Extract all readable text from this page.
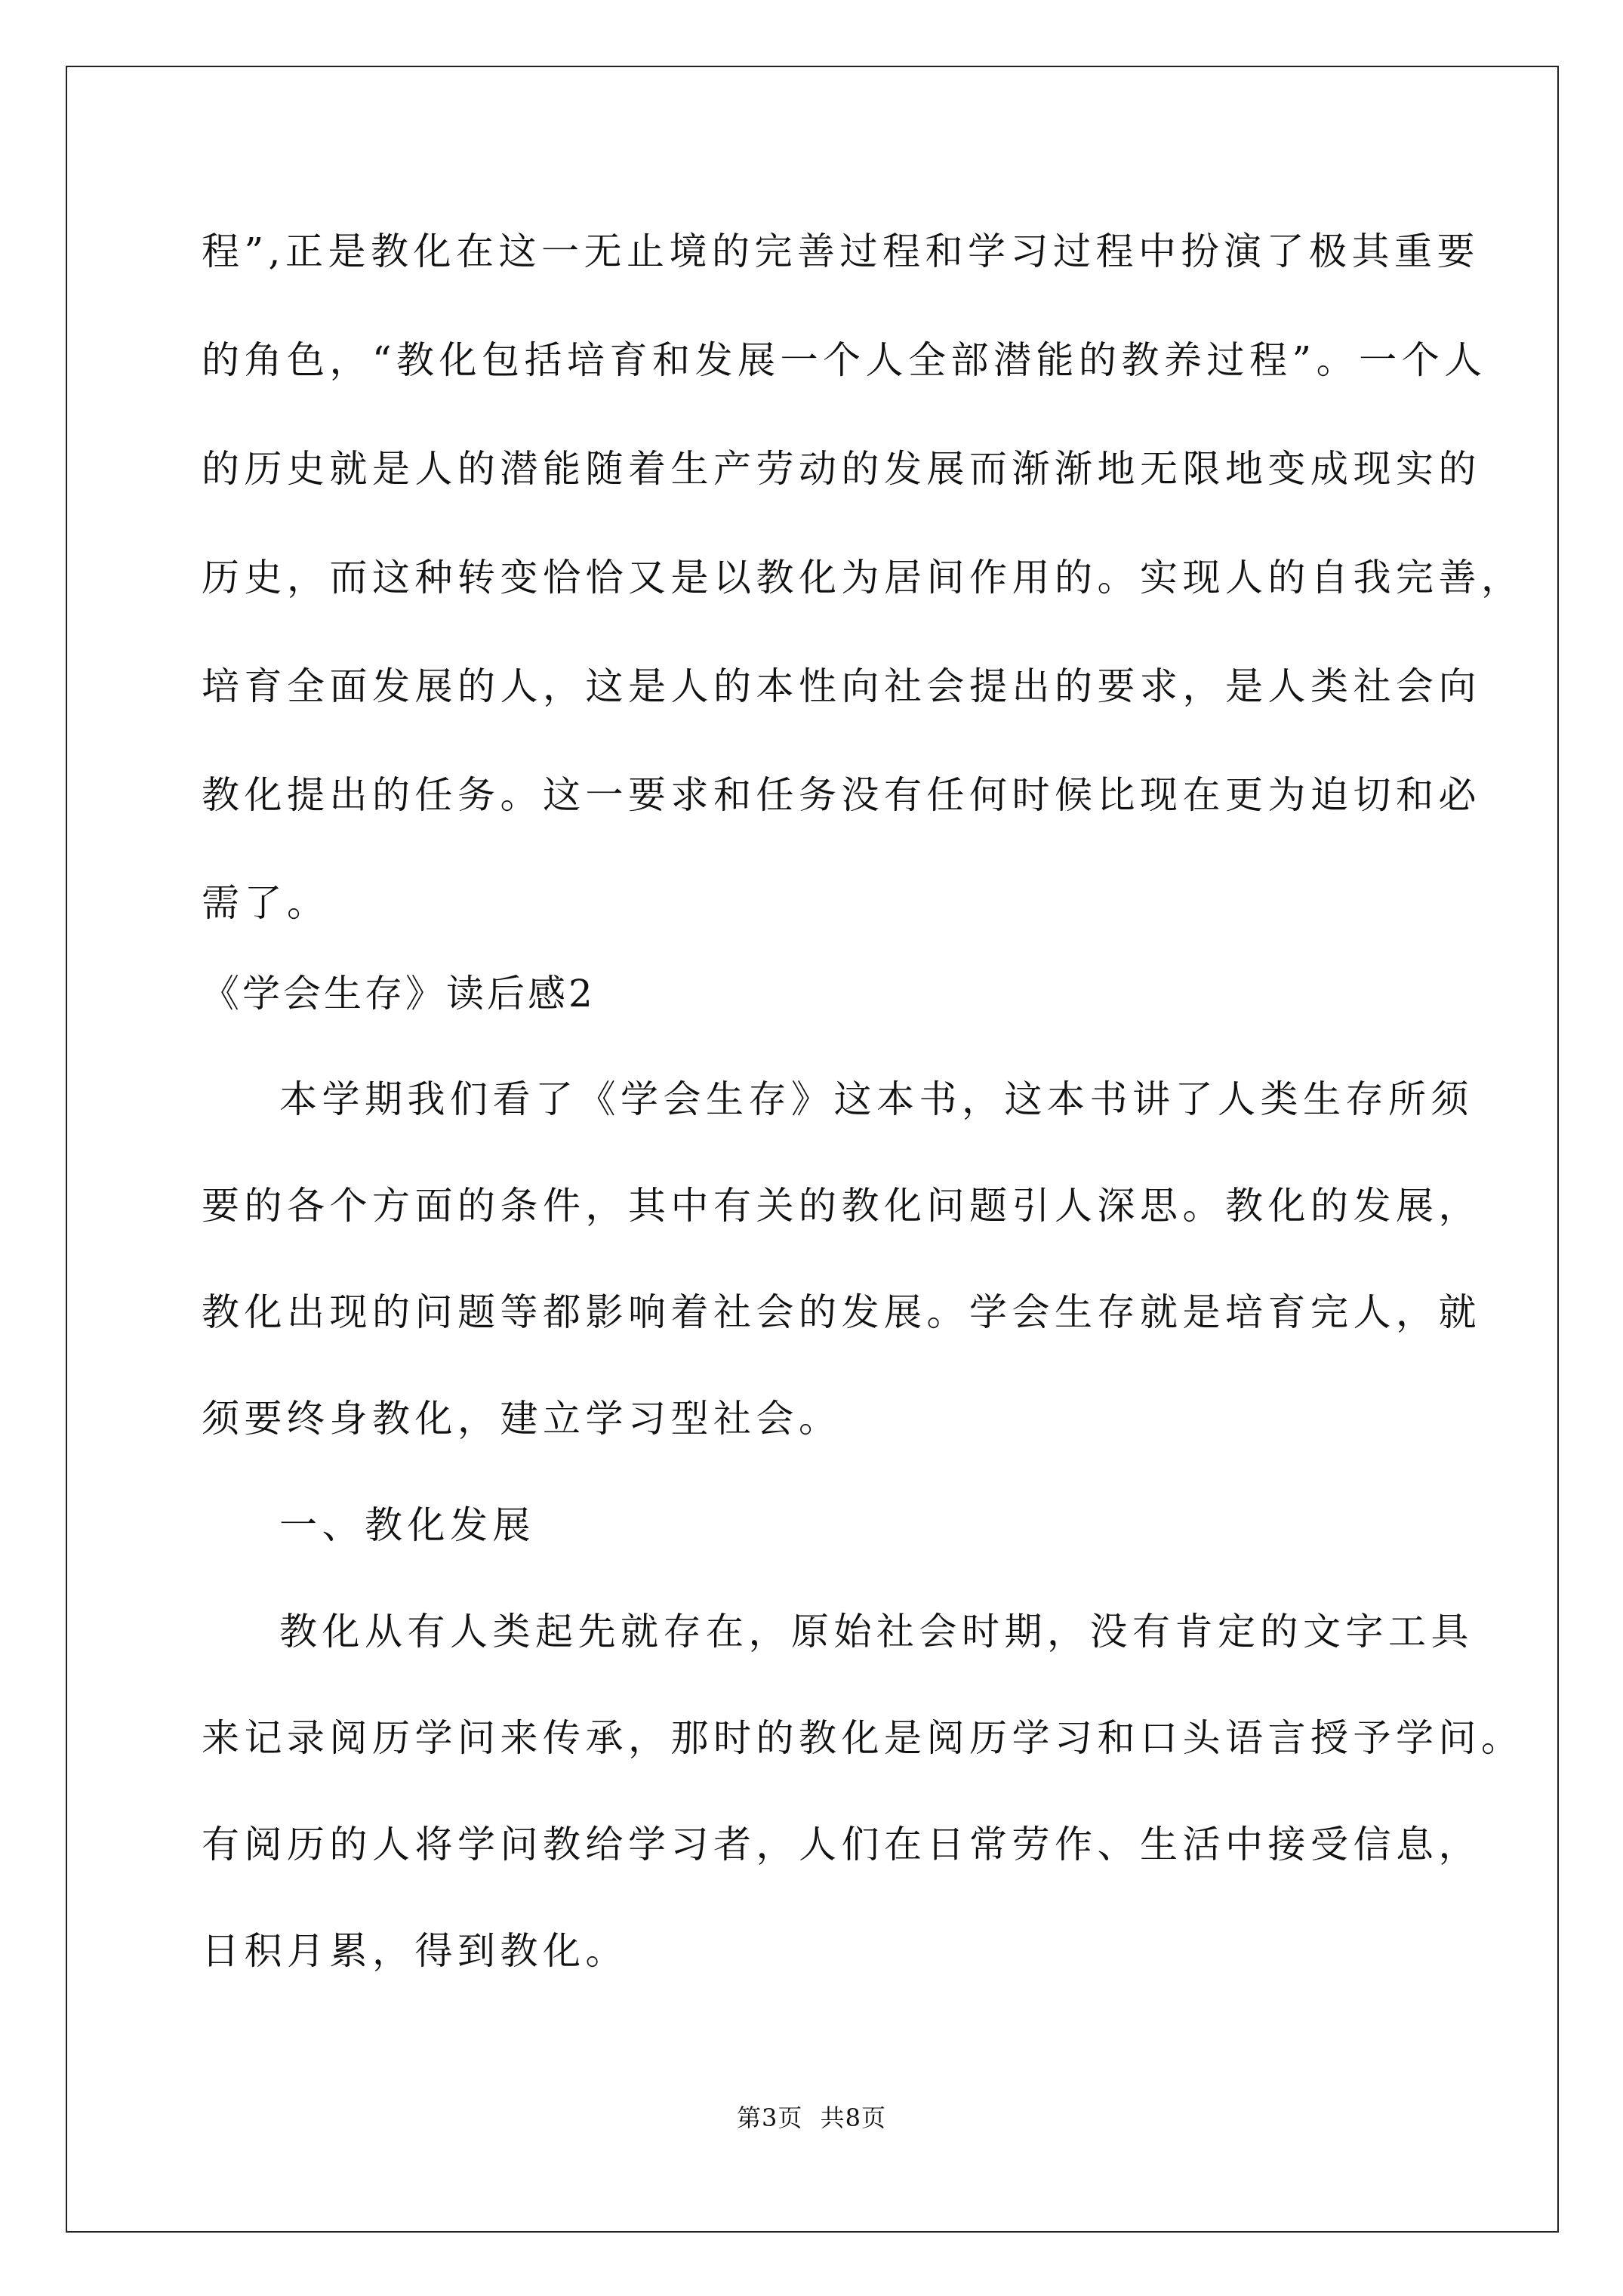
程”,正是教化在这一无止境的完善过程和学习过程中扮演了极其重要
的角色，“教化包括培育和发展一个人全部潜能的教养过程”。一个人
的历史就是人的潜能随着生产劳动的发展而渐渐地无限地变成现实的
历史，而这种转变恰恰又是以教化为居间作用的。实现人的自我完善，
培育全面发展的人，这是人的本性向社会提出的要求，是人类社会向
教化提出的任务。这一要求和任务没有任何时候比现在更为迫切和必
需了。
《学会生存》读后感2
本学期我们看了《学会生存》这本书，这本书讲了人类生存所须
要的各个方面的条件，其中有关的教化问题引人深思。教化的发展，
教化出现的问题等都影响着社会的发展。学会生存就是培育完人，就
须要终身教化，建立学习型社会。
一、教化发展
教化从有人类起先就存在，原始社会时期，没有肯定的文字工具
来记录阅历学问来传承，那时的教化是阅历学习和口头语言授予学问。
有阅历的人将学问教给学习者，人们在日常劳作、生活中接受信息，
日积月累，得到教化。
第3页 共8页
